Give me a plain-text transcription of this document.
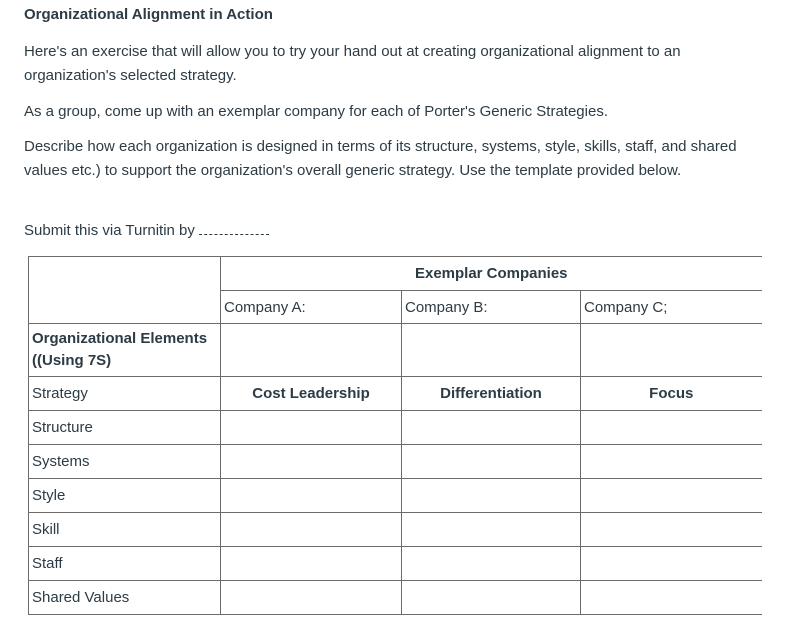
Organizational Alignment in Action

Here's an exercise that will allow you to try your hand out at creating organizational alignment to an organization's selected strategy.

As a group, come up with an exemplar company for each of Porter's Generic Strategies.

Describe how each organization is designed in terms of its structure, systems, style, skills, staff, and shared values etc.) to support the organization's overall generic strategy. Use the template provided below.

Submit this via Turnitin by

	Exemplar Companies		
	Company A:	Company B:	Company C;
Organizational Elements ((Using 7S)			
Strategy	Cost Leadership	Differentiation	Focus
Structure			
Systems			
Style			
Skill			
Staff			
Shared Values			
